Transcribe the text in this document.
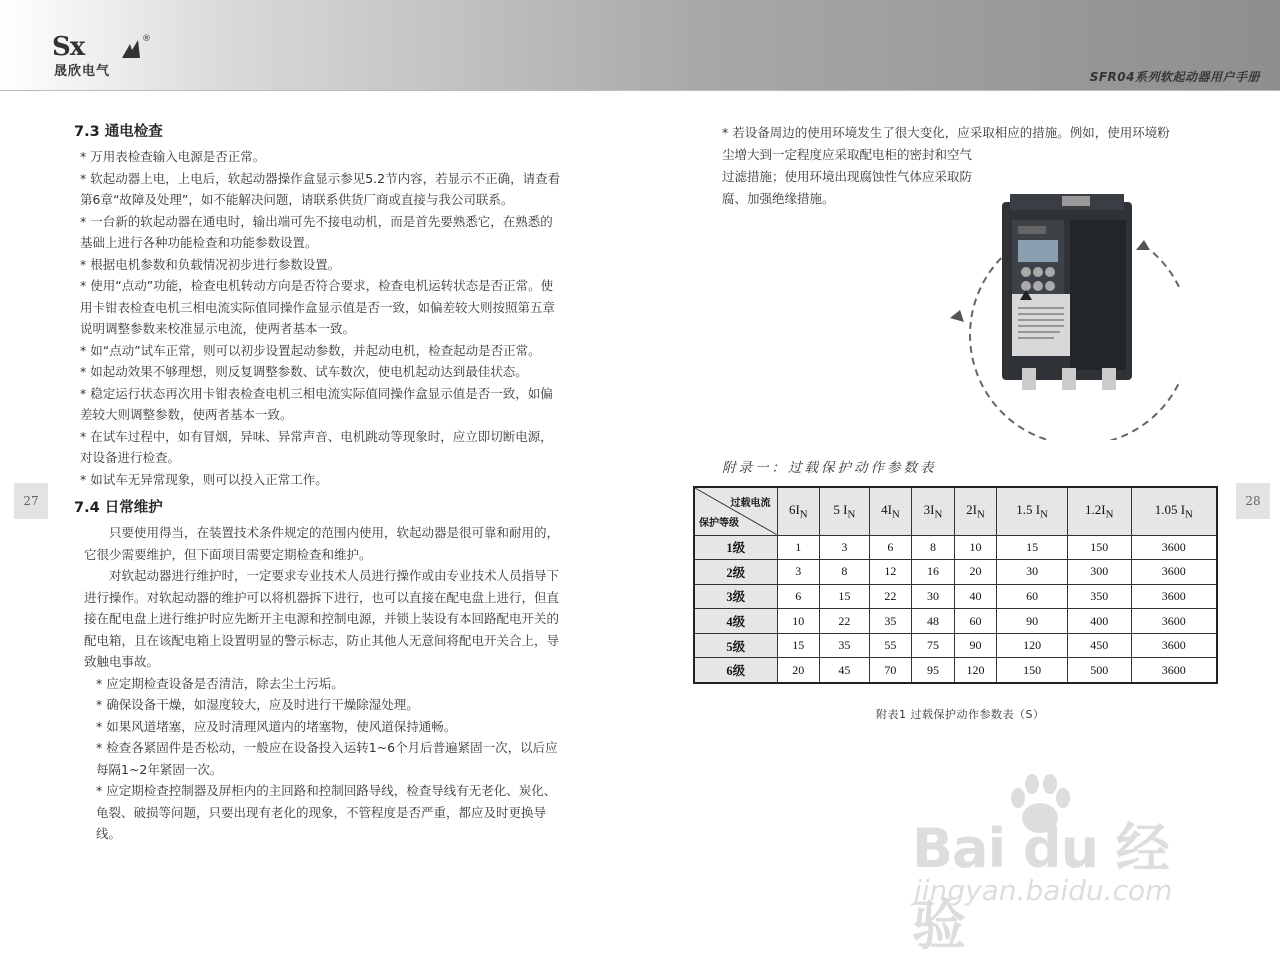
Sx	®
晟欣电气	SFR04系列软起动器用户手册
27	28
7.3 通电检查
* 万用表检查输入电源是否正常。
* 软起动器上电，上电后，软起动器操作盒显示参见5.2节内容，若显示不正确，请查看第6章“故障及处理”，如不能解决问题，请联系供货厂商或直接与我公司联系。
* 一台新的软起动器在通电时，输出端可先不接电动机，而是首先要熟悉它，在熟悉的基础上进行各种功能检查和功能参数设置。
* 根据电机参数和负载情况初步进行参数设置。
* 使用“点动”功能，检查电机转动方向是否符合要求，检查电机运转状态是否正常。使用卡钳表检查电机三相电流实际值同操作盒显示值是否一致，如偏差较大则按照第五章说明调整参数来校准显示电流，使两者基本一致。
* 如“点动”试车正常，则可以初步设置起动参数，并起动电机，检查起动是否正常。
* 如起动效果不够理想，则反复调整参数、试车数次，使电机起动达到最佳状态。
* 稳定运行状态再次用卡钳表检查电机三相电流实际值同操作盒显示值是否一致，如偏差较大则调整参数，使两者基本一致。
* 在试车过程中，如有冒烟，异味、异常声音、电机跳动等现象时，应立即切断电源，对设备进行检查。
* 如试车无异常现象，则可以投入正常工作。
7.4 日常维护
只要使用得当，在装置技术条件规定的范围内使用，软起动器是很可靠和耐用的，它很少需要维护，但下面项目需要定期检查和维护。
对软起动器进行维护时，一定要求专业技术人员进行操作或由专业技术人员指导下进行操作。对软起动器的维护可以将机器拆下进行，也可以直接在配电盘上进行，但直接在配电盘上进行维护时应先断开主电源和控制电源，并锁上装设有本回路配电开关的配电箱，且在该配电箱上设置明显的警示标志，防止其他人无意间将配电开关合上，导致触电事故。
* 应定期检查设备是否清洁，除去尘土污垢。
* 确保设备干燥，如湿度较大，应及时进行干燥除湿处理。
* 如果风道堵塞，应及时清理风道内的堵塞物，使风道保持通畅。
* 检查各紧固件是否松动，一般应在设备投入运转1~6个月后普遍紧固一次，以后应每隔1~2年紧固一次。
* 应定期检查控制器及屏柜内的主回路和控制回路导线，检查导线有无老化、炭化、龟裂、破损等问题，只要出现有老化的现象，不管程度是否严重，都应及时更换导线。
* 若设备周边的使用环境发生了很大变化，应采取相应的措施。例如，使用环境粉
尘增大到一定程度应采取配电柜的密封和空气过滤措施；使用环境出现腐蚀性气体应采取防腐、加强绝缘措施。
附录一：过载保护动作参数表
过载电流
保护等级	$6I_N$	5 $I_N$	$4I_N$	$3I_N$	$2I_N$	1.5 $I_N$	$1.2I_N$	1.05 $I_N$
1级	1	3	6	8	10	15	150	3600
2级	3	8	12	16	20	30	300	3600
3级	6	15	22	30	40	60	350	3600
4级	10	22	35	48	60	90	400	3600
5级	15	35	55	75	90	120	450	3600
6级	20	45	70	95	120	150	500	3600
附表1 过载保护动作参数表（S）
Bai du 经验
jingyan.baidu.com
